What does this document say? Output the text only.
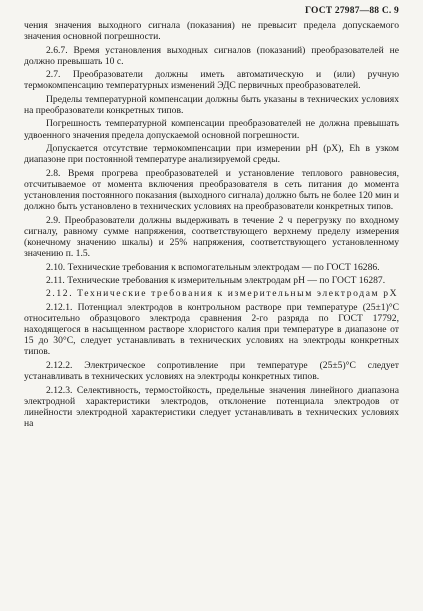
ГОСТ 27987—88 С. 9

чения значения выходного сигнала (показания) не превысит предела допускаемого значения основной погрешности.

2.6.7. Время установления выходных сигналов (показаний) преобразователей не должно превышать 10 с.

2.7. Преобразователи должны иметь автоматическую и (или) ручную термокомпенсацию температурных изменений ЭДС первичных преобразователей.

Пределы температурной компенсации должны быть указаны в технических условиях на преобразователи конкретных типов.

Погрешность температурной компенсации преобразователей не должна превышать удвоенного значения предела допускаемой основной погрешности.

Допускается отсутствие термокомпенсации при измерении pH (pX), Eh в узком диапазоне при постоянной температуре анализируемой среды.

2.8. Время прогрева преобразователей и установление теплового равновесия, отсчитываемое от момента включения преобразователя в сеть питания до момента установления постоянного показания (выходного сигнала) должно быть не более 120 мин и должно быть установлено в технических условиях на преобразователи конкретных типов.

2.9. Преобразователи должны выдерживать в течение 2 ч перегрузку по входному сигналу, равному сумме напряжения, соответствующего верхнему пределу измерения (конечному значению шкалы) и 25% напряжения, соответствующего установленному значению п. 1.5.

2.10. Технические требования к вспомогательным электродам — по ГОСТ 16286.

2.11. Технические требования к измерительным электродам pH — по ГОСТ 16287.

2.12. Технические требования к измерительным электродам pX

2.12.1. Потенциал электродов в контрольном растворе при температуре (25±1)°С относительно образцового электрода сравнения 2-го разряда по ГОСТ 17792, находящегося в насыщенном растворе хлористого калия при температуре в диапазоне от 15 до 30°С, следует устанавливать в технических условиях на электроды конкретных типов.

2.12.2. Электрическое сопротивление при температуре (25±5)°С следует устанавливать в технических условиях на электроды конкретных типов.

2.12.3. Селективность, термостойкость, предельные значения линейного диапазона электродной характеристики электродов, отклонение потенциала электродов от линейности электродной характеристики следует устанавливать в технических условиях на
